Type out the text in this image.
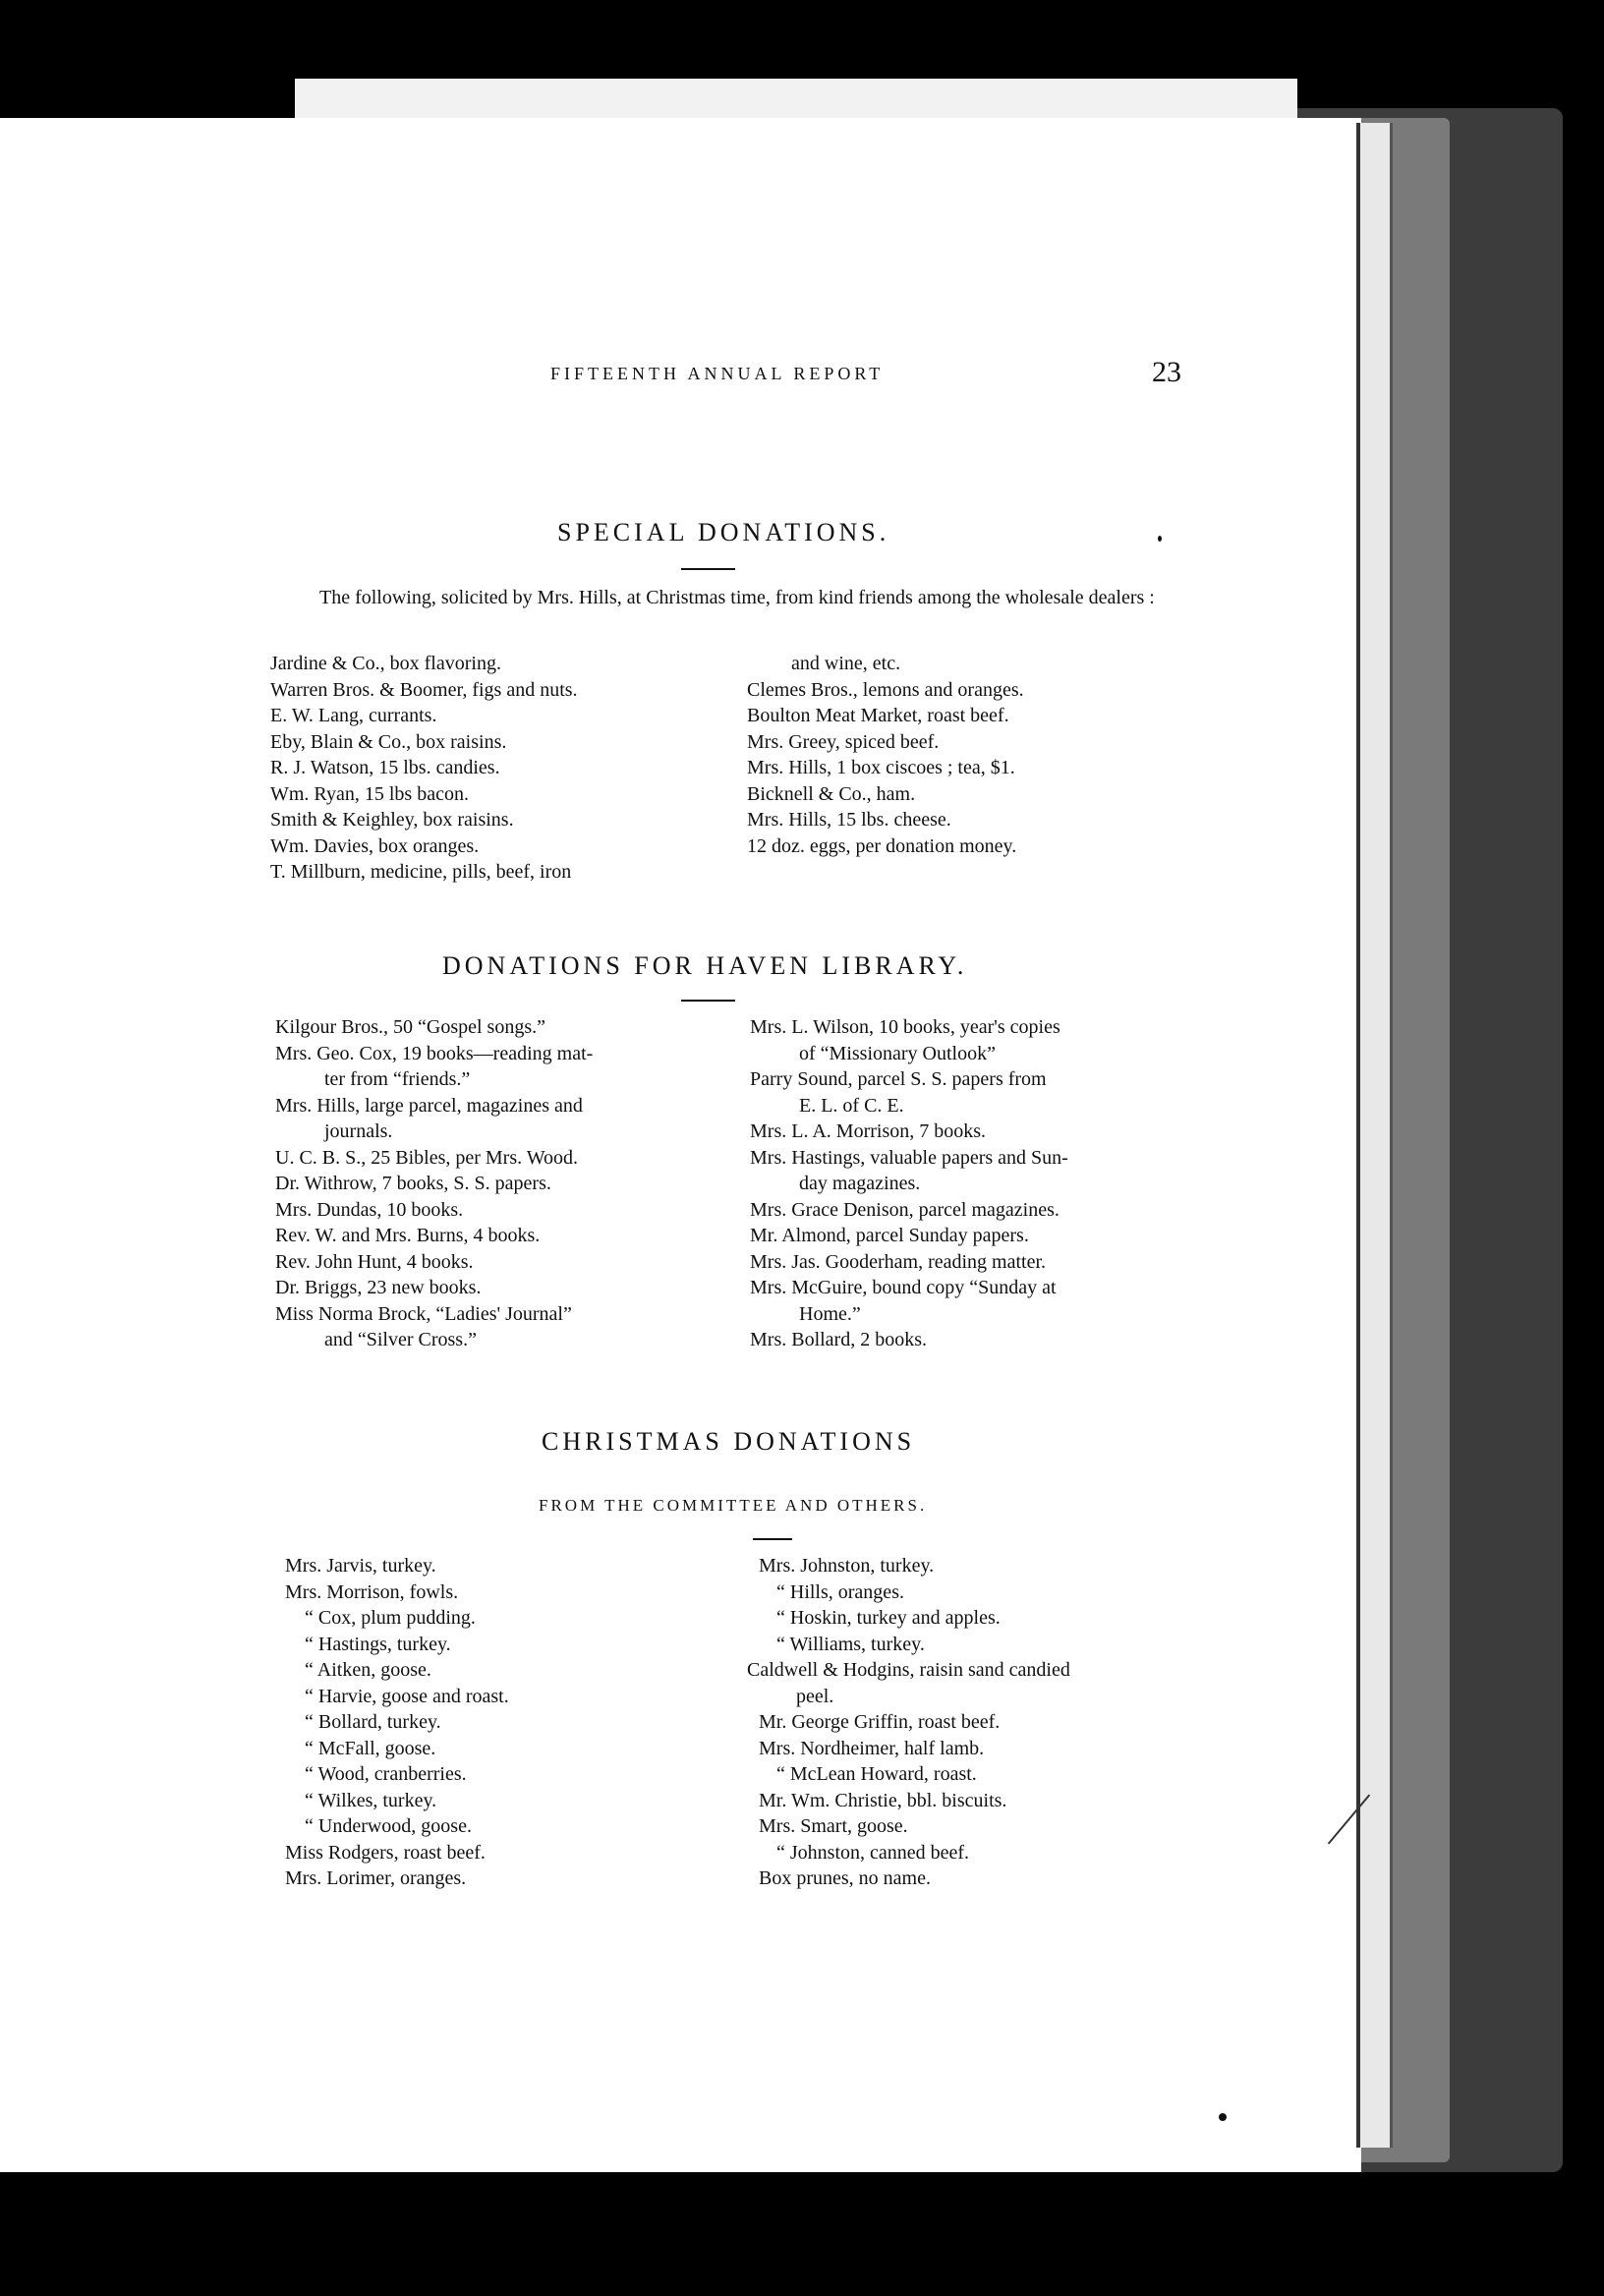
FIFTEENTH ANNUAL REPORT	23
SPECIAL DONATIONS.

The following, solicited by Mrs. Hills, at Christmas time, from kind friends among the wholesale dealers :

Jardine & Co., box flavoring.
Warren Bros. & Boomer, figs and nuts.
E. W. Lang, currants.
Eby, Blain & Co., box raisins.
R. J. Watson, 15 lbs. candies.
Wm. Ryan, 15 lbs bacon.
Smith & Keighley, box raisins.
Wm. Davies, box oranges.
T. Millburn, medicine, pills, beef, iron
and wine, etc.
Clemes Bros., lemons and oranges.
Boulton Meat Market, roast beef.
Mrs. Greey, spiced beef.
Mrs. Hills, 1 box ciscoes ; tea, $1.
Bicknell & Co., ham.
Mrs. Hills, 15 lbs. cheese.
12 doz. eggs, per donation money.
DONATIONS FOR HAVEN LIBRARY.
Kilgour Bros., 50 “Gospel songs.”
Mrs. Geo. Cox, 19 books—reading mat-
ter from “friends.”
Mrs. Hills, large parcel, magazines and
journals.
U. C. B. S., 25 Bibles, per Mrs. Wood.
Dr. Withrow, 7 books, S. S. papers.
Mrs. Dundas, 10 books.
Rev. W. and Mrs. Burns, 4 books.
Rev. John Hunt, 4 books.
Dr. Briggs, 23 new books.
Miss Norma Brock, “Ladies' Journal”
and “Silver Cross.”
Mrs. L. Wilson, 10 books, year's copies
of “Missionary Outlook”
Parry Sound, parcel S. S. papers from
E. L. of C. E.
Mrs. L. A. Morrison, 7 books.
Mrs. Hastings, valuable papers and Sun-
day magazines.
Mrs. Grace Denison, parcel magazines.
Mr. Almond, parcel Sunday papers.
Mrs. Jas. Gooderham, reading matter.
Mrs. McGuire, bound copy “Sunday at
Home.”
Mrs. Bollard, 2 books.
CHRISTMAS DONATIONS
FROM THE COMMITTEE AND OTHERS.
Mrs. Jarvis, turkey.
Mrs. Morrison, fowls.
“ Cox, plum pudding.
“ Hastings, turkey.
“ Aitken, goose.
“ Harvie, goose and roast.
“ Bollard, turkey.
“ McFall, goose.
“ Wood, cranberries.
“ Wilkes, turkey.
“ Underwood, goose.
Miss Rodgers, roast beef.
Mrs. Lorimer, oranges.
Mrs. Johnston, turkey.
“ Hills, oranges.
“ Hoskin, turkey and apples.
“ Williams, turkey.
Caldwell & Hodgins, raisin sand candied
peel.
Mr. George Griffin, roast beef.
Mrs. Nordheimer, half lamb.
“ McLean Howard, roast.
Mr. Wm. Christie, bbl. biscuits.
Mrs. Smart, goose.
“ Johnston, canned beef.
Box prunes, no name.
